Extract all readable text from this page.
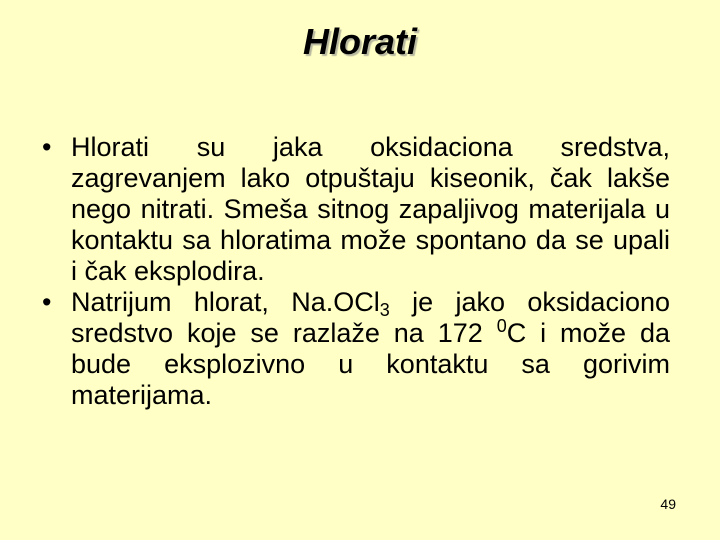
Hlorati
• Hlorati su jaka oksidaciona sredstva, zagrevanjem lako otpuštaju kiseonik, čak lakše nego nitrati. Smeša sitnog zapaljivog materijala u kontaktu sa hloratima može spontano da se upali i čak eksplodira.
• Natrijum hlorat, Na.OCl$_3$ je jako oksidaciono sredstvo koje se razlaže na 172 $^0$C i može da bude eksplozivno u kontaktu sa gorivim materijama.
49
